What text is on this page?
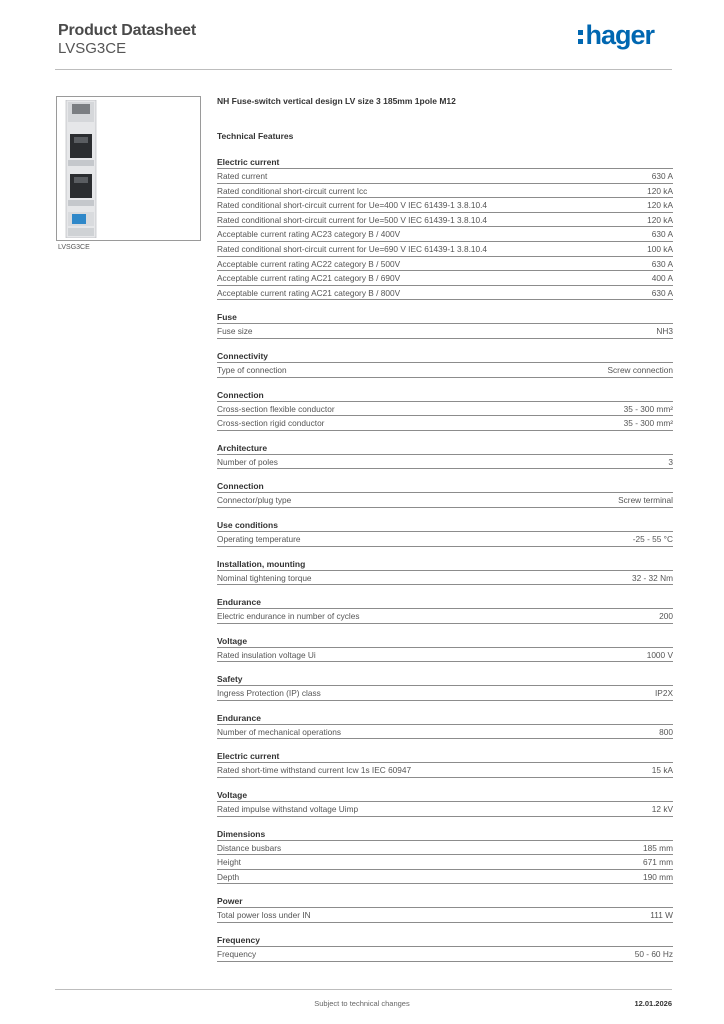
Product Datasheet
LVSG3CE	hager
LVSG3CE
NH Fuse-switch vertical design LV size 3 185mm 1pole M12
Technical Features
Electric current
Rated current	630 A
Rated conditional short-circuit current Icc	120 kA
Rated conditional short-circuit current for Ue=400 V IEC 61439-1 3.8.10.4	120 kA
Rated conditional short-circuit current for Ue=500 V IEC 61439-1 3.8.10.4	120 kA
Acceptable current rating AC23 category B / 400V	630 A
Rated conditional short-circuit current for Ue=690 V IEC 61439-1 3.8.10.4	100 kA
Acceptable current rating AC22 category B / 500V	630 A
Acceptable current rating AC21 category B / 690V	400 A
Acceptable current rating AC21 category B / 800V	630 A
Fuse
Fuse size	NH3
Connectivity
Type of connection	Screw connection
Connection
Cross-section flexible conductor	35 - 300 mm²
Cross-section rigid conductor	35 - 300 mm²
Architecture
Number of poles	3
Connection
Connector/plug type	Screw terminal
Use conditions
Operating temperature	-25 - 55 °C
Installation, mounting
Nominal tightening torque	32 - 32 Nm
Endurance
Electric endurance in number of cycles	200
Voltage
Rated insulation voltage Ui	1000 V
Safety
Ingress Protection (IP) class	IP2X
Endurance
Number of mechanical operations	800
Electric current
Rated short-time withstand current Icw 1s IEC 60947	15 kA
Voltage
Rated impulse withstand voltage Uimp	12 kV
Dimensions
Distance busbars	185 mm
Height	671 mm
Depth	190 mm
Power
Total power loss under IN	111 W
Frequency
Frequency	50 - 60 Hz
Subject to technical changes	12.01.2026
